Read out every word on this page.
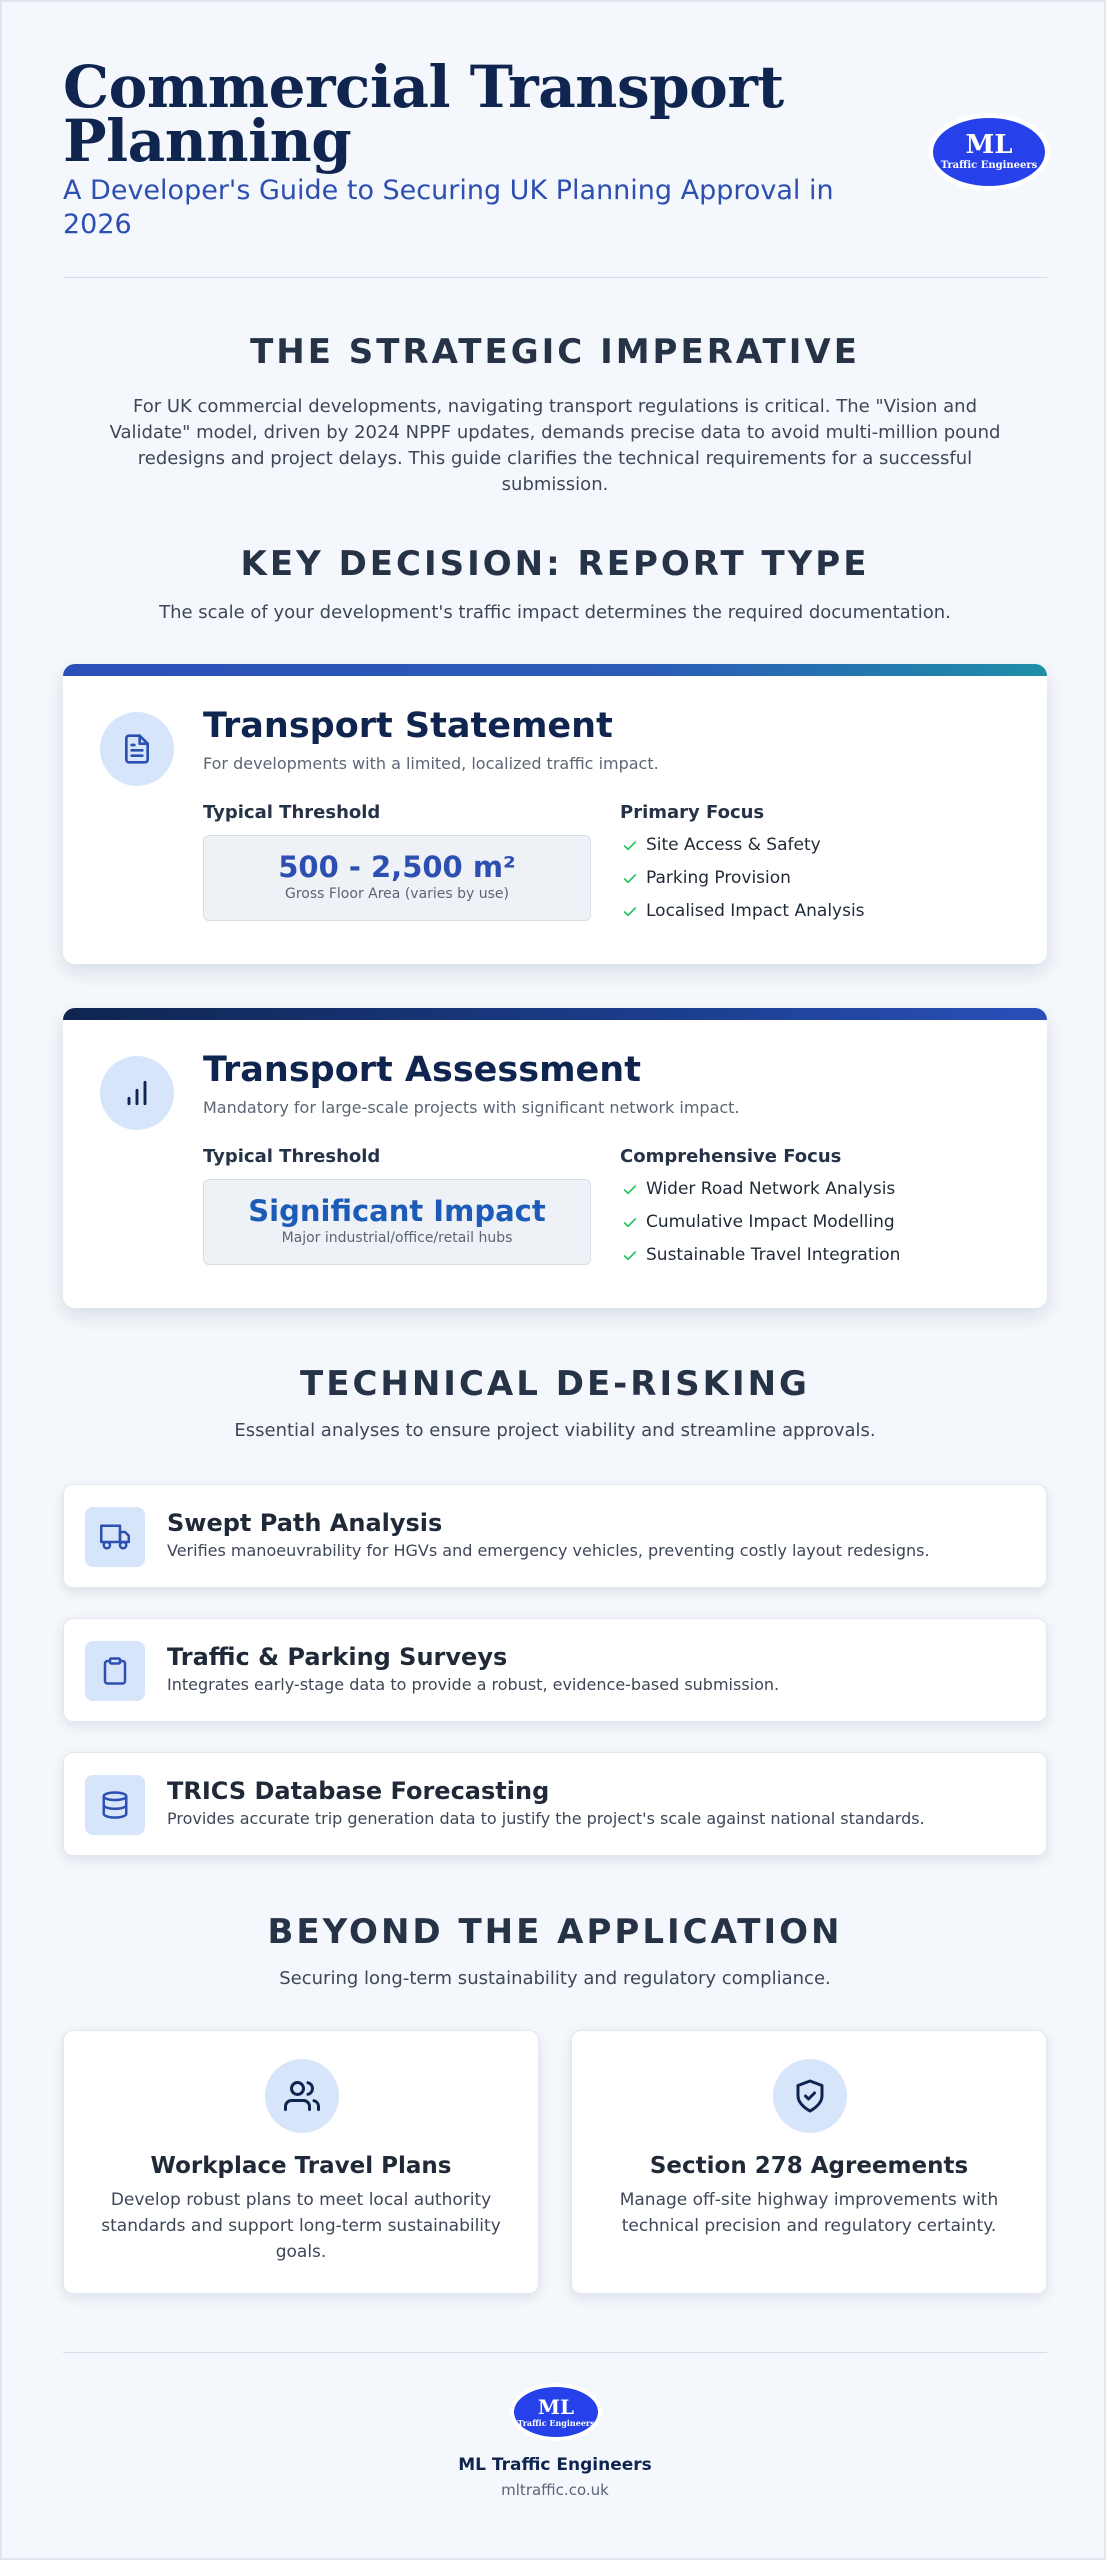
Commercial Transport Planning
A Developer's Guide to Securing UK Planning Approval in 2026
ML
Traffic Engineers
THE STRATEGIC IMPERATIVE

For UK commercial developments, navigating transport regulations is critical. The "Vision and Validate" model, driven by 2024 NPPF updates, demands precise data to avoid multi-million pound redesigns and project delays. This guide clarifies the technical requirements for a successful submission.

KEY DECISION: REPORT TYPE

The scale of your development's traffic impact determines the required documentation.

Transport Statement
For developments with a limited, localized traffic impact.
Typical Threshold	Primary Focus
500 - 2,500 m²
Gross Floor Area (varies by use)
Site Access & Safety
Parking Provision
Localised Impact Analysis
Transport Assessment
Mandatory for large-scale projects with significant network impact.
Typical Threshold	Comprehensive Focus
Significant Impact
Major industrial/office/retail hubs
Wider Road Network Analysis
Cumulative Impact Modelling
Sustainable Travel Integration
TECHNICAL DE-RISKING

Essential analyses to ensure project viability and streamline approvals.

Swept Path Analysis
Verifies manoeuvrability for HGVs and emergency vehicles, preventing costly layout redesigns.
Traffic & Parking Surveys
Integrates early-stage data to provide a robust, evidence-based submission.
TRICS Database Forecasting
Provides accurate trip generation data to justify the project's scale against national standards.
BEYOND THE APPLICATION

Securing long-term sustainability and regulatory compliance.

Workplace Travel Plans
Develop robust plans to meet local authority standards and support long-term sustainability goals.
Section 278 Agreements
Manage off-site highway improvements with technical precision and regulatory certainty.
ML
Traffic Engineers
ML Traffic Engineers
mltraffic.co.uk
